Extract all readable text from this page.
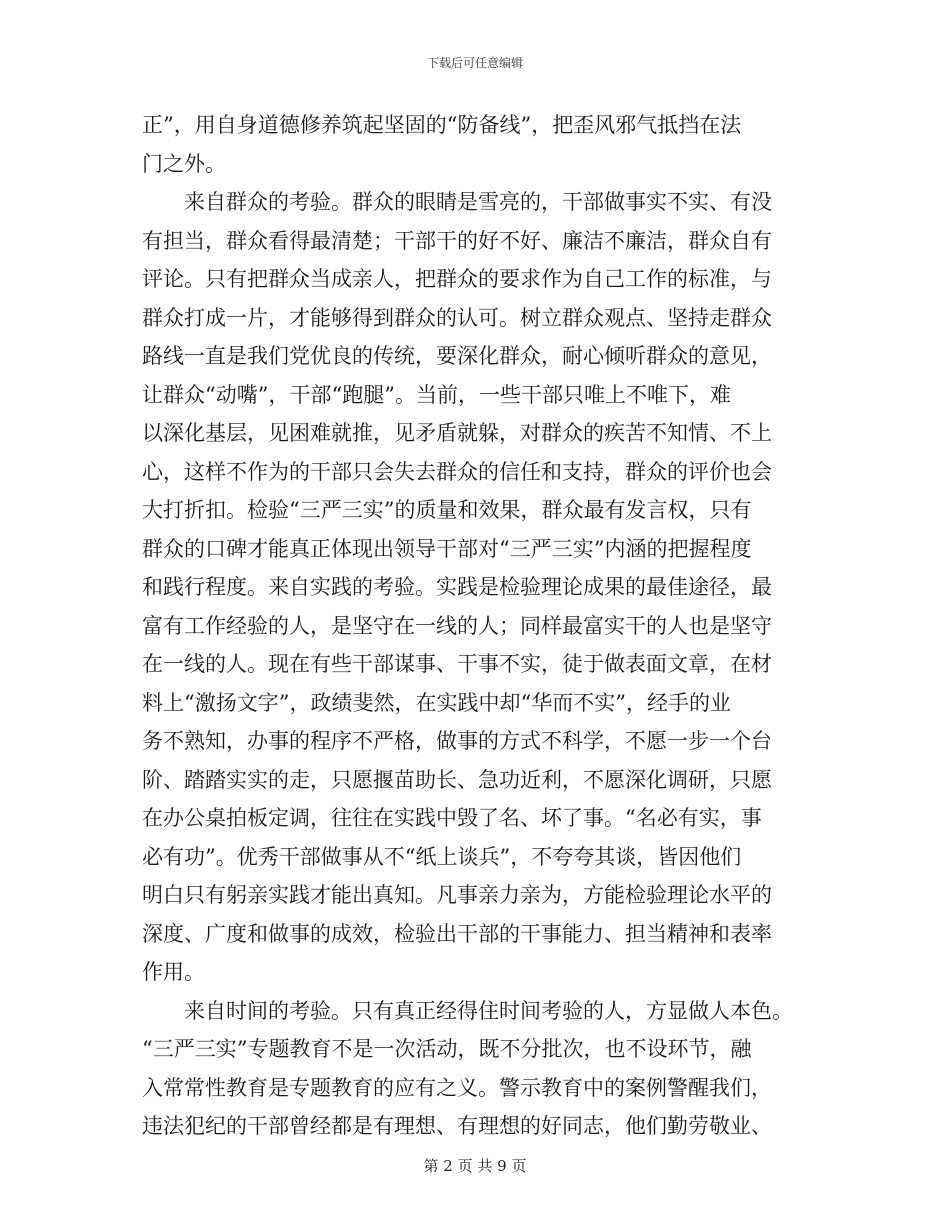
下载后可任意编辑
正”，用自身道德修养筑起坚固的“防备线”，把歪风邪气抵挡在法
门之外。
来自群众的考验。群众的眼睛是雪亮的，干部做事实不实、有没
有担当，群众看得最清楚；干部干的好不好、廉洁不廉洁，群众自有
评论。只有把群众当成亲人，把群众的要求作为自己工作的标准，与
群众打成一片，才能够得到群众的认可。树立群众观点、坚持走群众
路线一直是我们党优良的传统，要深化群众，耐心倾听群众的意见，
让群众“动嘴”，干部“跑腿”。当前，一些干部只唯上不唯下，难
以深化基层，见困难就推，见矛盾就躲，对群众的疾苦不知情、不上
心，这样不作为的干部只会失去群众的信任和支持，群众的评价也会
大打折扣。检验“三严三实”的质量和效果，群众最有发言权，只有
群众的口碑才能真正体现出领导干部对“三严三实”内涵的把握程度
和践行程度。来自实践的考验。实践是检验理论成果的最佳途径，最
富有工作经验的人，是坚守在一线的人；同样最富实干的人也是坚守
在一线的人。现在有些干部谋事、干事不实，徒于做表面文章，在材
料上“激扬文字”，政绩斐然，在实践中却“华而不实”，经手的业
务不熟知，办事的程序不严格，做事的方式不科学，不愿一步一个台
阶、踏踏实实的走，只愿揠苗助长、急功近利，不愿深化调研，只愿
在办公桌拍板定调，往往在实践中毁了名、坏了事。“名必有实，事
必有功”。优秀干部做事从不“纸上谈兵”，不夸夸其谈，皆因他们
明白只有躬亲实践才能出真知。凡事亲力亲为，方能检验理论水平的
深度、广度和做事的成效，检验出干部的干事能力、担当精神和表率
作用。
来自时间的考验。只有真正经得住时间考验的人，方显做人本色。
“三严三实”专题教育不是一次活动，既不分批次，也不设环节，融
入常常性教育是专题教育的应有之义。警示教育中的案例警醒我们，
违法犯纪的干部曾经都是有理想、有理想的好同志，他们勤劳敬业、
第 2 页 共 9 页
